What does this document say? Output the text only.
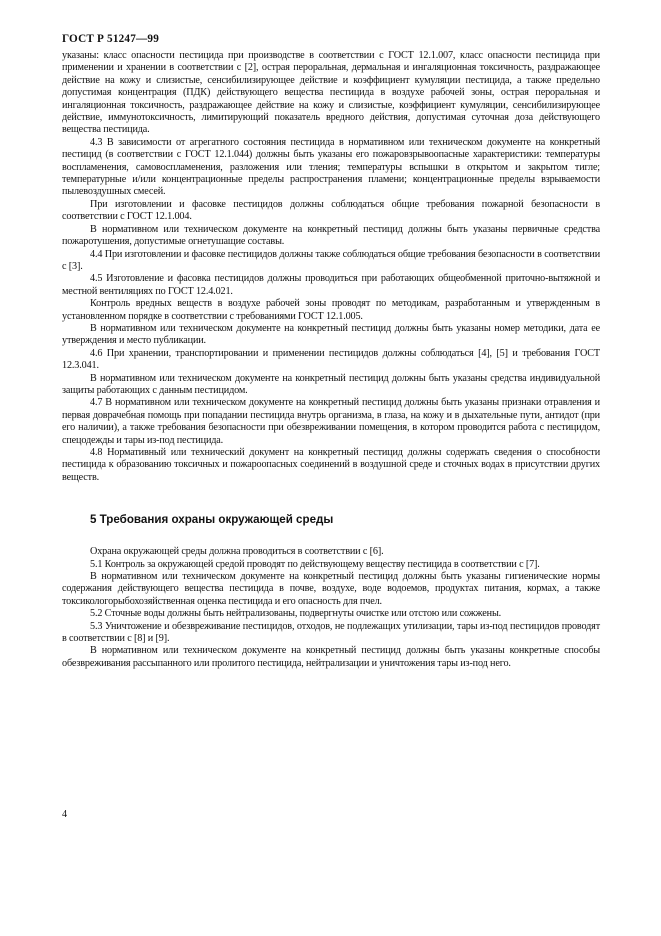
ГОСТ Р 51247—99

указаны: класс опасности пестицида при производстве в соответствии с ГОСТ 12.1.007, класс опасности пестицида при применении и хранении в соответствии с [2], острая пероральная, дермальная и ингаляционная токсичность, раздражающее действие на кожу и слизистые, сенсибилизирующее действие и коэффициент кумуляции пестицида, а также предельно допустимая концентрация (ПДК) действующего вещества пестицида в воздухе рабочей зоны, острая пероральная и ингаляционная токсичность, раздражающее действие на кожу и слизистые, коэффициент кумуляции, сенсибилизирующее действие, иммунотоксичность, лимитирующий показатель вредного действия, допустимая суточная доза действующего вещества пестицида.

4.3 В зависимости от агрегатного состояния пестицида в нормативном или техническом документе на конкретный пестицид (в соответствии с ГОСТ 12.1.044) должны быть указаны его пожаровзрывоопасные характеристики: температуры воспламенения, самовоспламенения, разложения или тления; температуры вспышки в открытом и закрытом тигле; температурные и/или концентрационные пределы распространения пламени; концентрационные пределы взрываемости пылевоздушных смесей.

При изготовлении и фасовке пестицидов должны соблюдаться общие требования пожарной безопасности в соответствии с ГОСТ 12.1.004.

В нормативном или техническом документе на конкретный пестицид должны быть указаны первичные средства пожаротушения, допустимые огнетушащие составы.

4.4 При изготовлении и фасовке пестицидов должны также соблюдаться общие требования безопасности в соответствии с [3].

4.5 Изготовление и фасовка пестицидов должны проводиться при работающих общеобменной приточно-вытяжной и местной вентиляциях по ГОСТ 12.4.021.

Контроль вредных веществ в воздухе рабочей зоны проводят по методикам, разработанным и утвержденным в установленном порядке в соответствии с требованиями ГОСТ 12.1.005.

В нормативном или техническом документе на конкретный пестицид должны быть указаны номер методики, дата ее утверждения и место публикации.

4.6 При хранении, транспортировании и применении пестицидов должны соблюдаться [4], [5] и требования ГОСТ 12.3.041.

В нормативном или техническом документе на конкретный пестицид должны быть указаны средства индивидуальной защиты работающих с данным пестицидом.

4.7 В нормативном или техническом документе на конкретный пестицид должны быть указаны признаки отравления и первая доврачебная помощь при попадании пестицида внутрь организма, в глаза, на кожу и в дыхательные пути, антидот (при его наличии), а также требования безопасности при обезвреживании помещения, в котором проводится работа с пестицидом, спецодежды и тары из-под пестицида.

4.8 Нормативный или технический документ на конкретный пестицид должны содержать сведения о способности пестицида к образованию токсичных и пожароопасных соединений в воздушной среде и сточных водах в присутствии других веществ.

5 Требования охраны окружающей среды

Охрана окружающей среды должна проводиться в соответствии с [6].

5.1 Контроль за окружающей средой проводят по действующему веществу пестицида в соответствии с [7].

В нормативном или техническом документе на конкретный пестицид должны быть указаны гигиенические нормы содержания действующего вещества пестицида в почве, воздухе, воде водоемов, продуктах питания, кормах, а также токсикологорыбохозяйственная оценка пестицида и его опасность для пчел.

5.2 Сточные воды должны быть нейтрализованы, подвергнуты очистке или отстою или сожжены.

5.3 Уничтожение и обезвреживание пестицидов, отходов, не подлежащих утилизации, тары из-под пестицидов проводят в соответствии с [8] и [9].

В нормативном или техническом документе на конкретный пестицид должны быть указаны конкретные способы обезвреживания рассыпанного или пролитого пестицида, нейтрализации и уничтожения тары из-под него.

4
